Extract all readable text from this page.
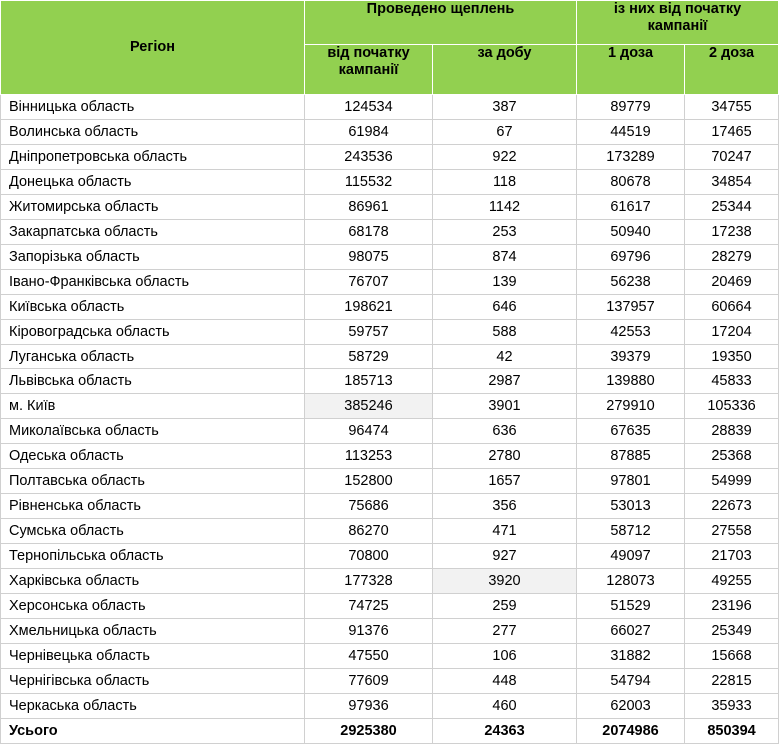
Регіон	Проведено щеплень		із них від початку кампанії	
	від початку кампанії	за добу	1 доза	2 доза
Вінницька область	124534	387	89779	34755
Волинська область	61984	67	44519	17465
Дніпропетровська область	243536	922	173289	70247
Донецька область	115532	118	80678	34854
Житомирська область	86961	1142	61617	25344
Закарпатська область	68178	253	50940	17238
Запорізька область	98075	874	69796	28279
Івано-Франківська область	76707	139	56238	20469
Київська область	198621	646	137957	60664
Кіровоградська область	59757	588	42553	17204
Луганська область	58729	42	39379	19350
Львівська область	185713	2987	139880	45833
м. Київ	385246	3901	279910	105336
Миколаївська область	96474	636	67635	28839
Одеська область	113253	2780	87885	25368
Полтавська область	152800	1657	97801	54999
Рівненська область	75686	356	53013	22673
Сумська область	86270	471	58712	27558
Тернопільська область	70800	927	49097	21703
Харківська область	177328	3920	128073	49255
Херсонська область	74725	259	51529	23196
Хмельницька область	91376	277	66027	25349
Чернівецька область	47550	106	31882	15668
Чернігівська область	77609	448	54794	22815
Черкаська область	97936	460	62003	35933
Усього	2925380	24363	2074986	850394
